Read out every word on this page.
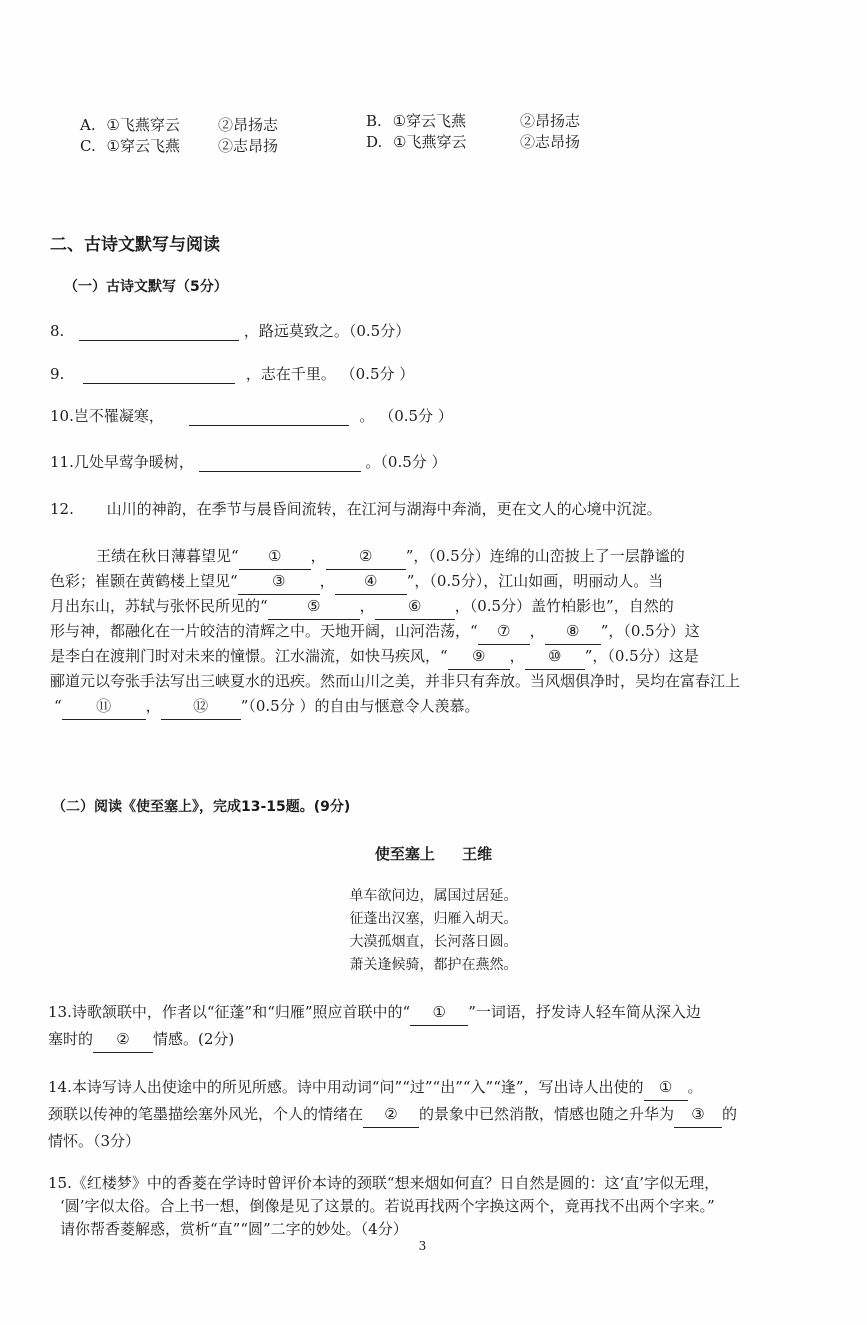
A. ①飞燕穿云	②昂扬志	B. ①穿云飞燕	②昂扬志
C. ①穿云飞燕	②志昂扬	D. ①飞燕穿云	②志昂扬
二、古诗文默写与阅读
（一）古诗文默写（5分）
8.	，路远莫致之。（0.5分）
9.	，志在千里。 （0.5分 ）
10.岂不罹凝寒，	。 （0.5分 ）
11.几处早莺争暖树，	。（0.5分 ）
12. 山川的神韵，在季节与晨昏间流转，在江河与湖海中奔淌，更在文人的心境中沉淀。
王绩在秋日薄暮望见“ ① ， ② ”，（0.5分）连绵的山峦披上了一层静谧的
色彩；崔颢在黄鹤楼上望见“ ③ ， ④ ”，（0.5分），江山如画，明丽动人。当
月出东山，苏轼与张怀民所见的“	⑤	， ⑥ ，（0.5分）盖竹柏影也”，自然的
形与神，都融化在一片皎洁的清辉之中。天地开阔，山河浩荡，“ ⑦ ， ⑧ ”，（0.5分）这
是李白在渡荆门时对未来的憧憬。江水湍流，如快马疾风，“ ⑨ ， ⑩ ”，（0.5分）这是
郦道元以夸张手法写出三峡夏水的迅疾。然而山川之美，并非只有奔放。当风烟俱净时，吴均在富春江上
“ ⑪ ， ⑫ ”（0.5分 ）的自由与惬意令人羡慕。
（二）阅读《使至塞上》，完成13-15题。(9分)
使至塞上 王维
单车欲问边，属国过居延。
征蓬出汉塞，归雁入胡天。
大漠孤烟直，长河落日圆。
萧关逢候骑，都护在燕然。
13.诗歌颔联中，作者以“征蓬”和“归雁”照应首联中的“ ① ”一词语，抒发诗人轻车简从深入边
塞时的 ② 情感。(2分)
14.本诗写诗人出使途中的所见所感。诗中用动词“问”“过”“出”“入”“逢”，写出诗人出使的 ① 。
颈联以传神的笔墨描绘塞外风光，个人的情绪在 ② 的景象中已然消散，情感也随之升华为 ③ 的
情怀。（3分）
15.《红楼梦》中的香菱在学诗时曾评价本诗的颈联“想来烟如何直？日自然是圆的：这‘直’字似无理，
‘圆’字似太俗。合上书一想，倒像是见了这景的。若说再找两个字换这两个，竟再找不出两个字来。”
请你帮香菱解惑，赏析“直”“圆”二字的妙处。（4分）
3
